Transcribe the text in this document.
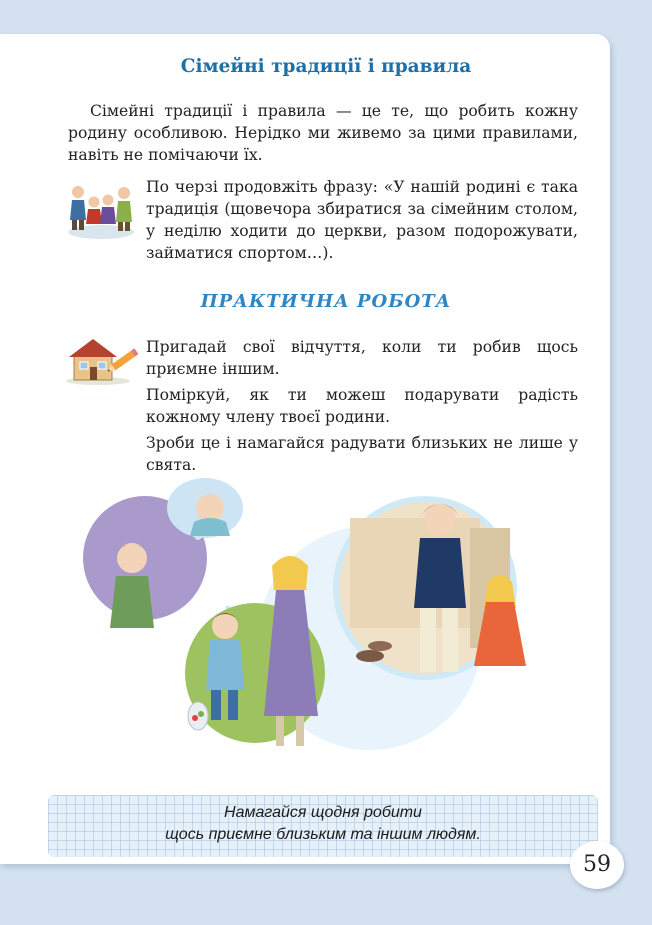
Сімейні традиції і правила

Сімейні традиції і правила — це те, що робить кожну родину особливою. Нерідко ми живемо за цими правилами, навіть не помічаючи їх.

По черзі продовжіть фразу: «У нашій родині є така традиція (щовечора збиратися за сімейним столом, у неділю ходити до церкви, разом подорожувати, займатися спортом…).

ПРАКТИЧНА РОБОТА

Пригадай свої відчуття, коли ти робив щось приємне іншим.

Поміркуй, як ти можеш подарувати радість кожному члену твоєї родини.

Зроби це і намагайся радувати близьких не лише у свята.

Намагайся щодня робити
щось приємне близьким та іншим людям.

59
